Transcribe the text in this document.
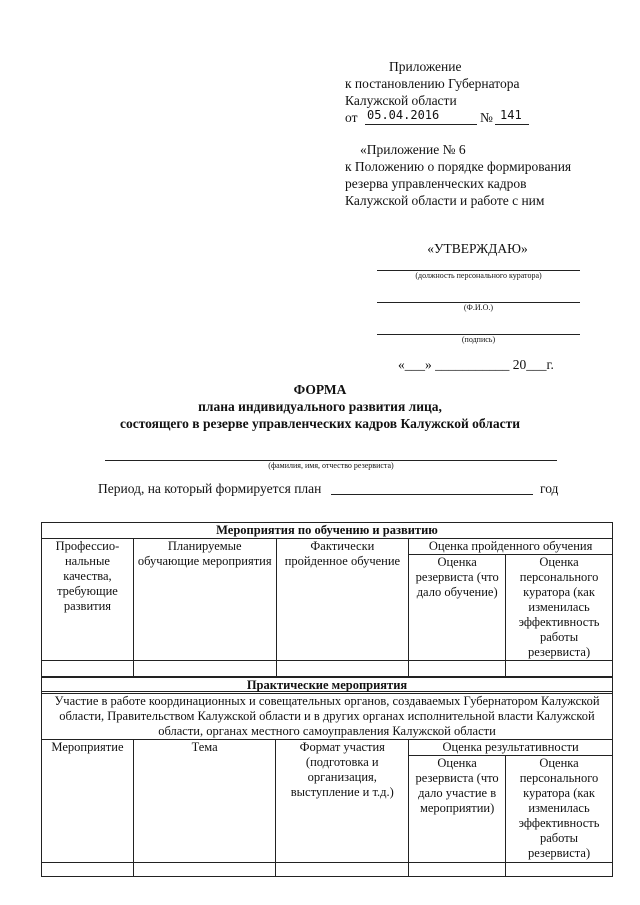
Приложение
к постановлению Губернатора
Калужской области
от 05.04.2016	№ 141
«Приложение № 6
к Положению о порядке формирования
резерва управленческих кадров
Калужской области и работе с ним
«УТВЕРЖДАЮ»
(должность персонального куратора)
(Ф.И.О.)
(подпись)
«___» ___________ 20___г.
ФОРМА
плана индивидуального развития лица,
состоящего в резерве управленческих кадров Калужской области
(фамилия, имя, отчество резервиста)
Период, на который формируется план	год
Мероприятия по обучению и развитию				
Профессио-нальные качества, требующие развития	Планируемые обучающие мероприятия	Фактически пройденное обучение	Оценка пройденного обучения	
			Оценка резервиста (что дало обучение)	Оценка персонального куратора (как изменилась эффективность работы резервиста)

Практические мероприятия				
Участие в работе координационных и совещательных органов, создаваемых Губернатором Калужской области, Правительством Калужской области и в других органах исполнительной власти Калужской области, органах местного самоуправления Калужской области				
Мероприятие	Тема	Формат участия (подготовка и организация, выступление и т.д.)	Оценка результативности	
			Оценка резервиста (что дало участие в мероприятии)	Оценка персонального куратора (как изменилась эффективность работы резервиста)
